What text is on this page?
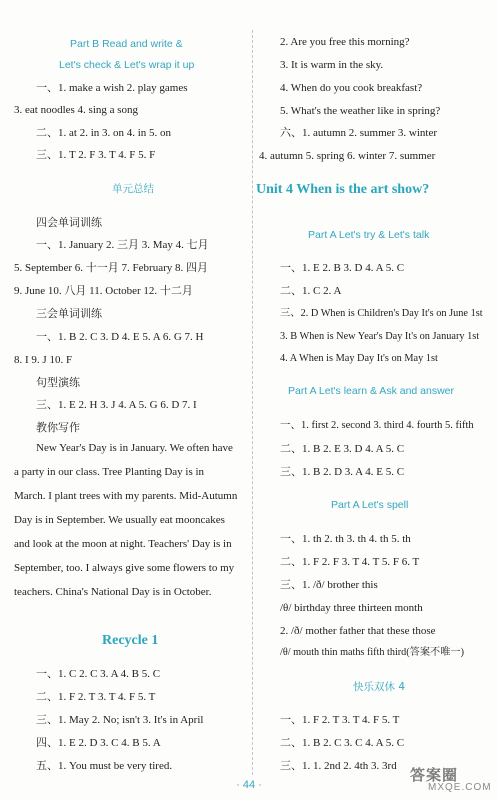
Part B Read and write &
Let's check & Let's wrap it up
一、1. make a wish 2. play games
3. eat noodles 4. sing a song
二、1. at 2. in 3. on 4. in 5. on
三、1. T 2. F 3. T 4. F 5. F
单元总结
四会单词训练
一、1. January 2. 三月 3. May 4. 七月
5. September 6. 十一月 7. February 8. 四月
9. June 10. 八月 11. October 12. 十二月
三会单词训练
一、1. B 2. C 3. D 4. E 5. A 6. G 7. H
8. I 9. J 10. F
句型演练
三、1. E 2. H 3. J 4. A 5. G 6. D 7. I
教你写作
New Year's Day is in January. We often have
a party in our class. Tree Planting Day is in
March. I plant trees with my parents. Mid-Autumn
Day is in September. We usually eat mooncakes
and look at the moon at night. Teachers' Day is in
September, too. I always give some flowers to my
teachers. China's National Day is in October.
Recycle 1
一、1. C 2. C 3. A 4. B 5. C
二、1. F 2. T 3. T 4. F 5. T
三、1. May 2. No; isn't 3. It's in April
四、1. E 2. D 3. C 4. B 5. A
五、1. You must be very tired.
2. Are you free this morning?
3. It is warm in the sky.
4. When do you cook breakfast?
5. What's the weather like in spring?
六、1. autumn 2. summer 3. winter
4. autumn 5. spring 6. winter 7. summer
Unit 4 When is the art show?
Part A Let's try & Let's talk
一、1. E 2. B 3. D 4. A 5. C
二、1. C 2. A
三、2. D When is Children's Day It's on June 1st
3. B When is New Year's Day It's on January 1st
4. A When is May Day It's on May 1st
Part A Let's learn & Ask and answer
一、1. first 2. second 3. third 4. fourth 5. fifth
二、1. B 2. E 3. D 4. A 5. C
三、1. B 2. D 3. A 4. E 5. C
Part A Let's spell
一、1. th 2. th 3. th 4. th 5. th
二、1. F 2. F 3. T 4. T 5. F 6. T
三、1. /ð/ brother this
/θ/ birthday three thirteen month
2. /ð/ mother father that these those
/θ/ mouth thin maths fifth third(答案不唯一)
快乐双休 4
一、1. F 2. T 3. T 4. F 5. T
二、1. B 2. C 3. C 4. A 5. C
三、1. 1. 2nd 2. 4th 3. 3rd
· 44 ·
答案圈
MXQE.COM
